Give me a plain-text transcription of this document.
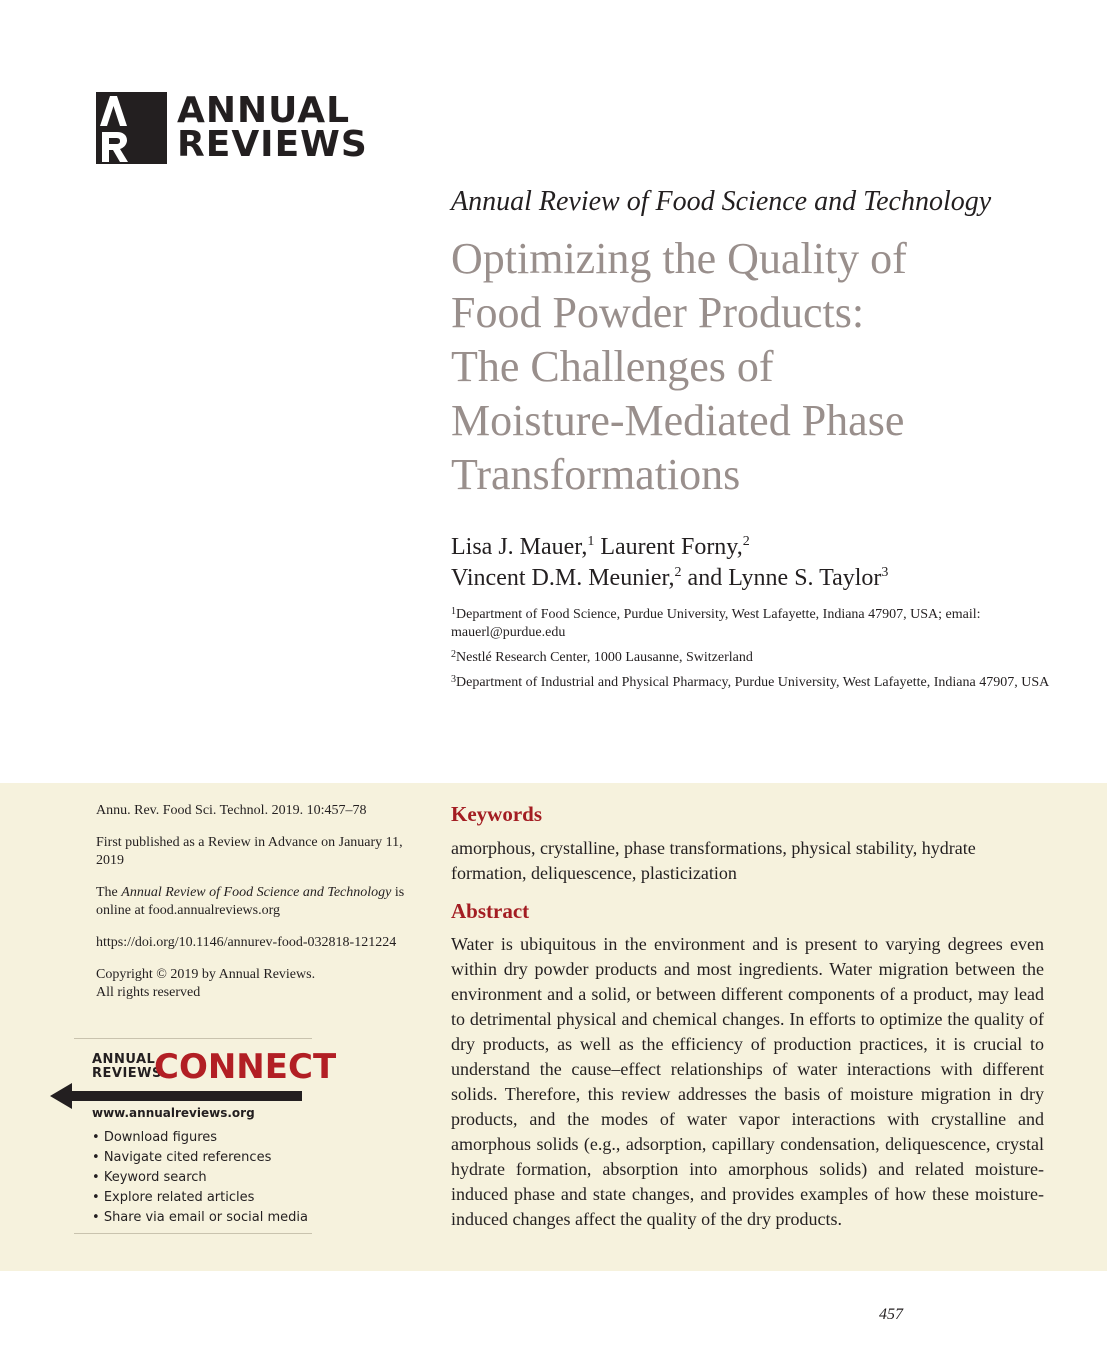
ANNUAL
REVIEWS
Annual Review of Food Science and Technology
Optimizing the Quality of
Food Powder Products:
The Challenges of
Moisture-Mediated Phase
Transformations
Lisa J. Mauer,$^1$ Laurent Forny,$^2$
Vincent D.M. Meunier,$^2$ and Lynne S. Taylor$^3$
$^1$Department of Food Science, Purdue University, West Lafayette, Indiana 47907, USA; email: mauerl@purdue.edu
$^2$Nestlé Research Center, 1000 Lausanne, Switzerland
$^3$Department of Industrial and Physical Pharmacy, Purdue University, West Lafayette, Indiana 47907, USA

Annu. Rev. Food Sci. Technol. 2019. 10:457–78

First published as a Review in Advance on January 11, 2019

The Annual Review of Food Science and Technology is online at food.annualreviews.org

https://doi.org/10.1146/annurev-food-032818-121224

Copyright © 2019 by Annual Reviews.
All rights reserved

ANNUAL
REVIEWS
CONNECT
www.annualreviews.org
• Download figures
• Navigate cited references
• Keyword search
• Explore related articles
• Share via email or social media
Keywords

amorphous, crystalline, phase transformations, physical stability, hydrate formation, deliquescence, plasticization

Abstract

Water is ubiquitous in the environment and is present to varying degrees even within dry powder products and most ingredients. Water migration between the environment and a solid, or between different components of a product, may lead to detrimental physical and chemical changes. In efforts to optimize the quality of dry products, as well as the efficiency of production practices, it is crucial to understand the cause–effect relationships of water interactions with different solids. Therefore, this review addresses the basis of moisture migration in dry products, and the modes of water vapor interactions with crystalline and amorphous solids (e.g., adsorption, capillary condensation, deliquescence, crystal hydrate formation, absorption into amorphous solids) and related moisture-induced phase and state changes, and provides examples of how these moisture-induced changes affect the quality of the dry products.

457
